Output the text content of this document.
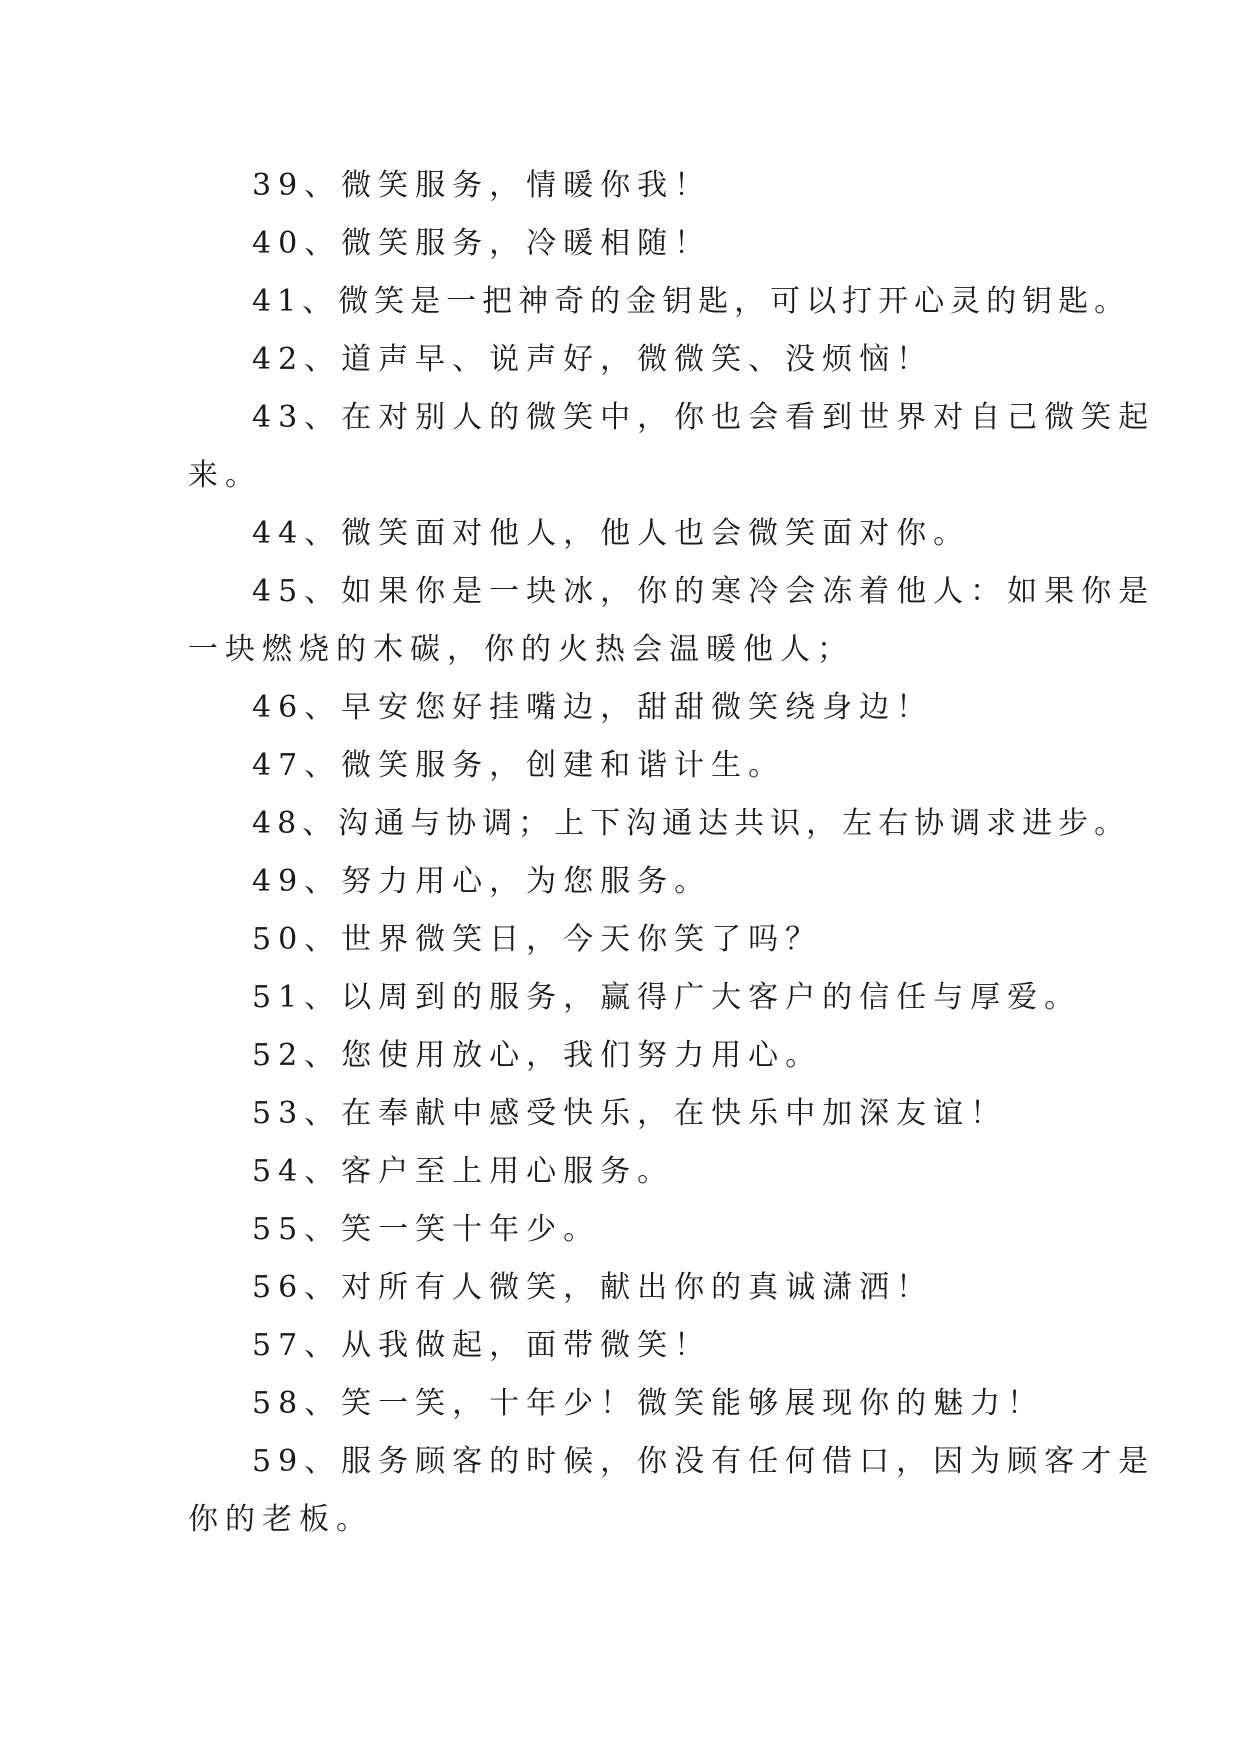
39、微笑服务，情暖你我！
40、微笑服务，冷暖相随！
41、微笑是一把神奇的金钥匙，可以打开心灵的钥匙。
42、道声早、说声好，微微笑、没烦恼！
43、在对别人的微笑中，你也会看到世界对自己微笑起
来。
44、微笑面对他人，他人也会微笑面对你。
45、如果你是一块冰，你的寒冷会冻着他人：如果你是
一块燃烧的木碳，你的火热会温暖他人；
46、早安您好挂嘴边，甜甜微笑绕身边！
47、微笑服务，创建和谐计生。
48、沟通与协调；上下沟通达共识，左右协调求进步。
49、努力用心，为您服务。
50、世界微笑日，今天你笑了吗？
51、以周到的服务，赢得广大客户的信任与厚爱。
52、您使用放心，我们努力用心。
53、在奉献中感受快乐，在快乐中加深友谊！
54、客户至上用心服务。
55、笑一笑十年少。
56、对所有人微笑，献出你的真诚潇洒！
57、从我做起，面带微笑！
58、笑一笑，十年少！微笑能够展现你的魅力！
59、服务顾客的时候，你没有任何借口，因为顾客才是
你的老板。
